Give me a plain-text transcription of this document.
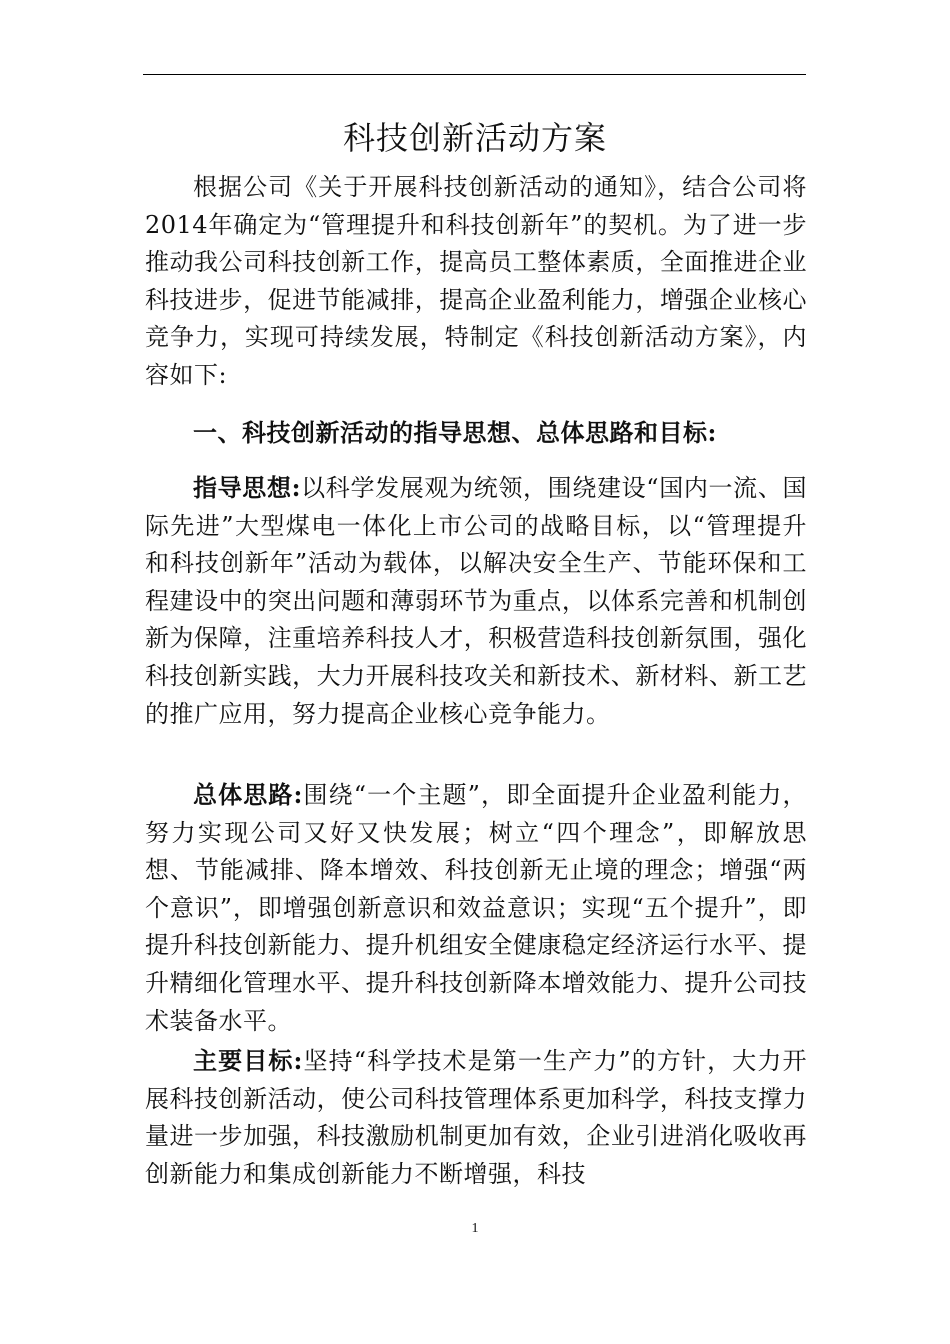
科技创新活动方案

根据公司《关于开展科技创新活动的通知》，结合公司将2014年确定为“管理提升和科技创新年”的契机。为了进一步推动我公司科技创新工作，提高员工整体素质，全面推进企业科技进步，促进节能减排，提高企业盈利能力，增强企业核心竞争力，实现可持续发展，特制定《科技创新活动方案》，内容如下:

一、科技创新活动的指导思想、总体思路和目标:

指导思想:以科学发展观为统领，围绕建设“国内一流、国际先进”大型煤电一体化上市公司的战略目标，以“管理提升和科技创新年”活动为载体，以解决安全生产、节能环保和工程建设中的突出问题和薄弱环节为重点，以体系完善和机制创新为保障，注重培养科技人才，积极营造科技创新氛围，强化科技创新实践，大力开展科技攻关和新技术、新材料、新工艺的推广应用，努力提高企业核心竞争能力。

总体思路:围绕“一个主题”，即全面提升企业盈利能力，努力实现公司又好又快发展；树立“四个理念”，即解放思想、节能减排、降本增效、科技创新无止境的理念；增强“两个意识”，即增强创新意识和效益意识；实现“五个提升”，即提升科技创新能力、提升机组安全健康稳定经济运行水平、提升精细化管理水平、提升科技创新降本增效能力、提升公司技术装备水平。

主要目标:坚持“科学技术是第一生产力”的方针，大力开展科技创新活动，使公司科技管理体系更加科学，科技支撑力量进一步加强，科技激励机制更加有效，企业引进消化吸收再创新能力和集成创新能力不断增强，科技

1
